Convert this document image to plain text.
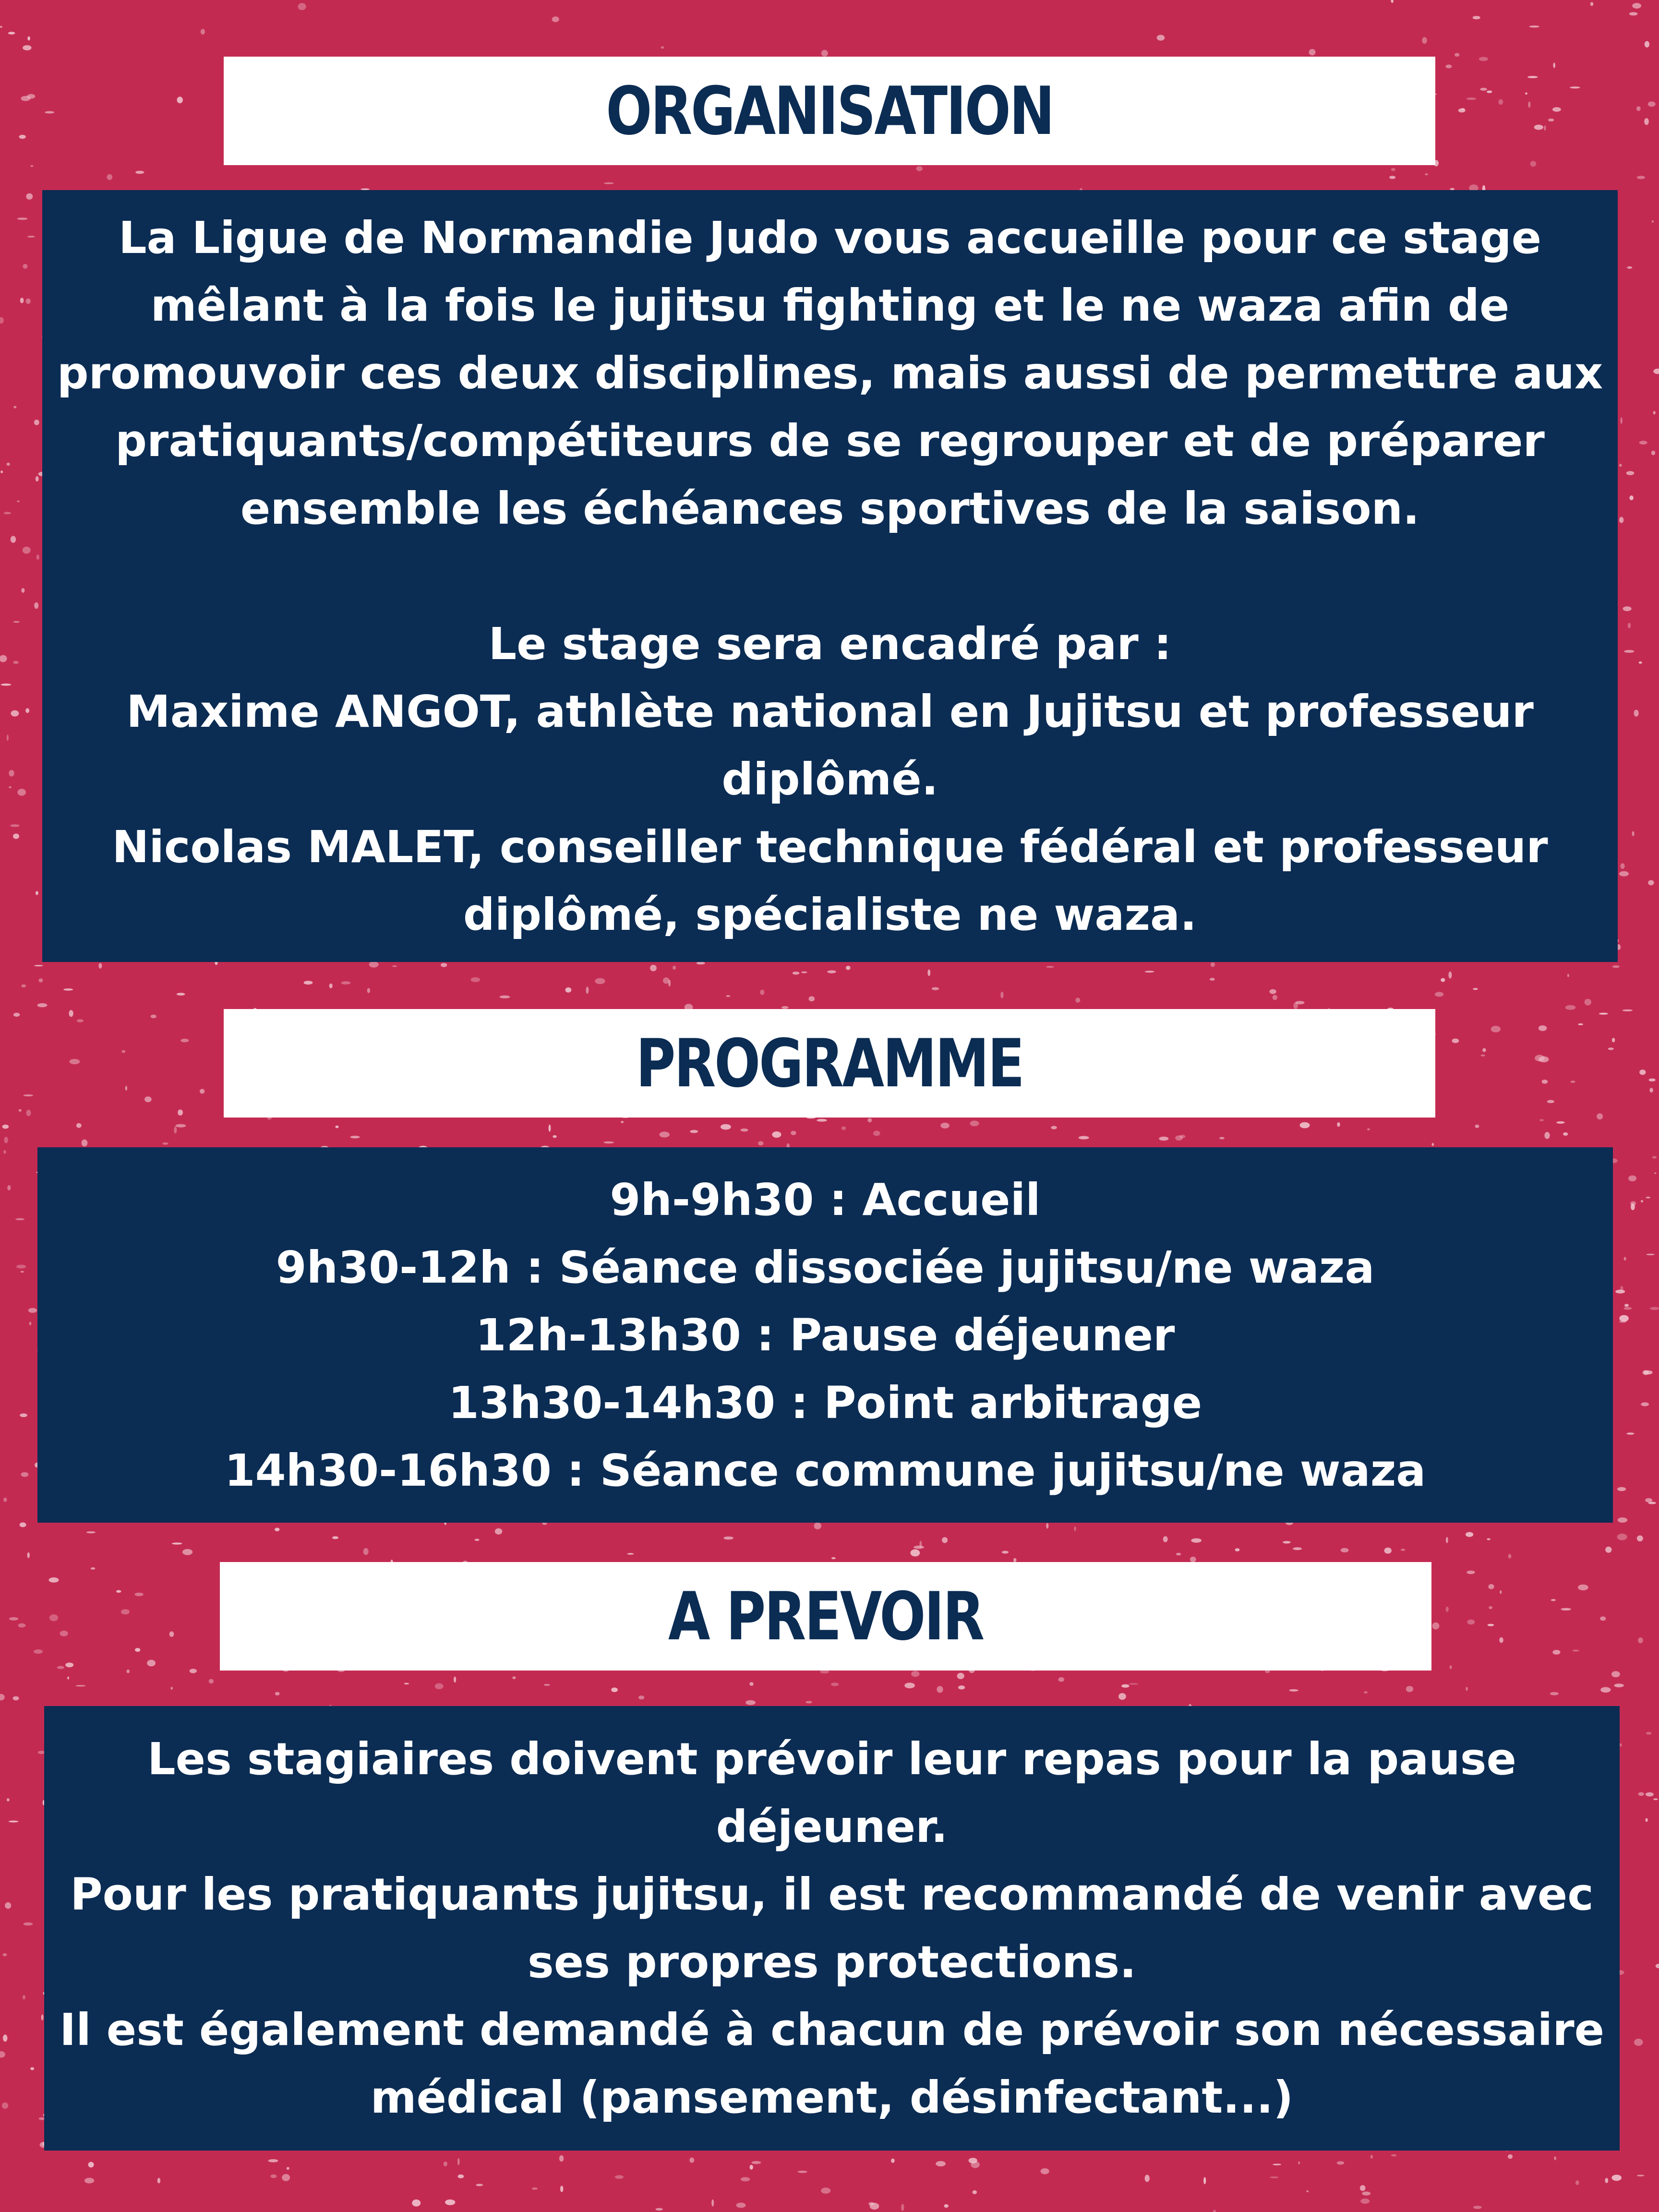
ORGANISATION

La Ligue de Normandie Judo vous accueille pour ce stage

mêlant à la fois le jujitsu fighting et le ne waza afin de

promouvoir ces deux disciplines, mais aussi de permettre aux

pratiquants/compétiteurs de se regrouper et de préparer

ensemble les échéances sportives de la saison.

Le stage sera encadré par :

Maxime ANGOT, athlète national en Jujitsu et professeur

diplômé.

Nicolas MALET, conseiller technique fédéral et professeur

diplômé, spécialiste ne waza.

PROGRAMME

9h-9h30 : Accueil

9h30-12h : Séance dissociée jujitsu/ne waza

12h-13h30 : Pause déjeuner

13h30-14h30 : Point arbitrage

14h30-16h30 : Séance commune jujitsu/ne waza

A PREVOIR

Les stagiaires doivent prévoir leur repas pour la pause

déjeuner.

Pour les pratiquants jujitsu, il est recommandé de venir avec

ses propres protections.

Il est également demandé à chacun de prévoir son nécessaire

médical (pansement, désinfectant...)
